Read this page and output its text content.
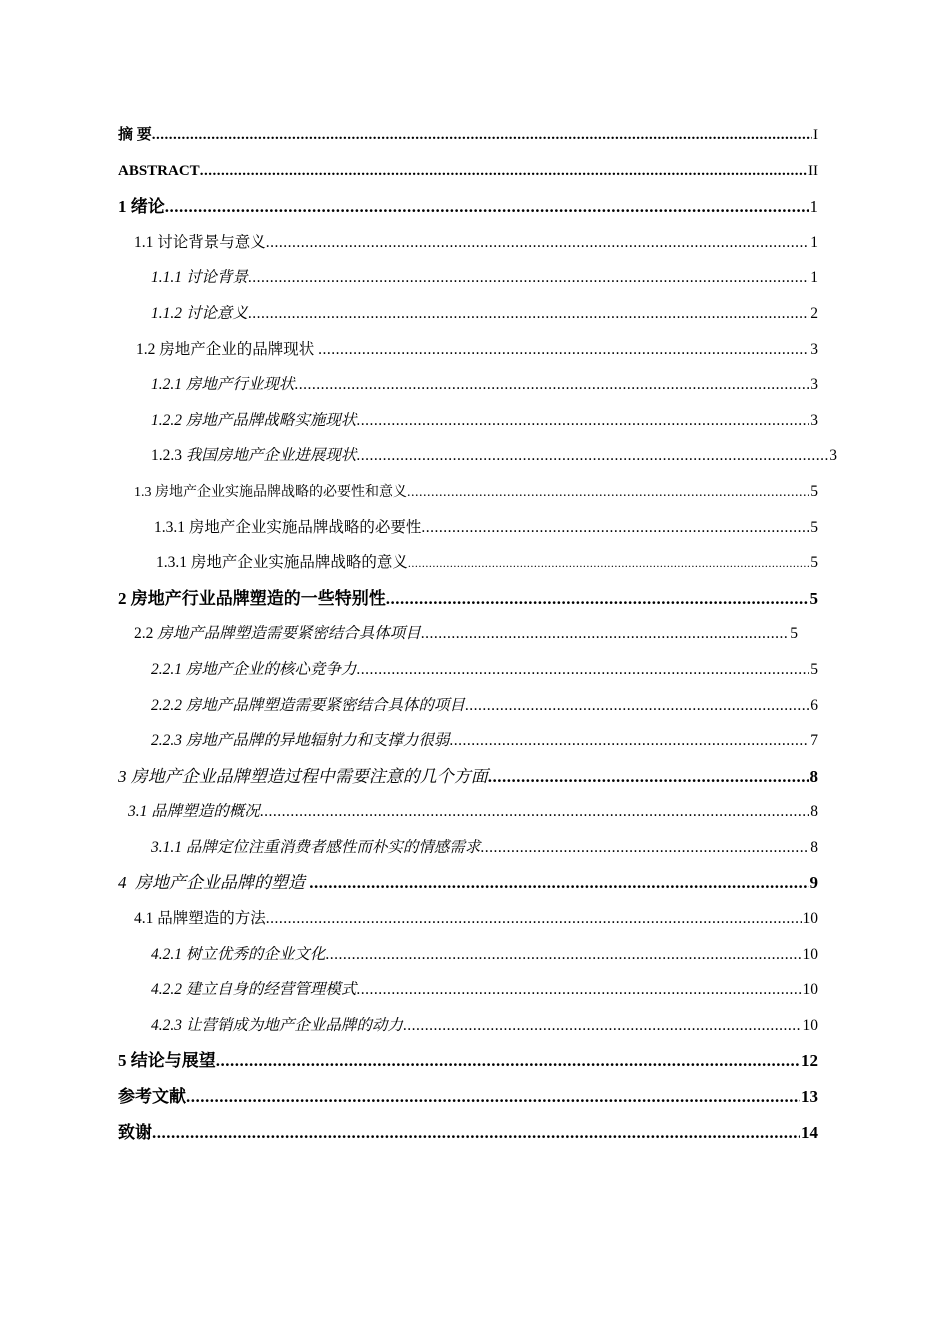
摘 要 .....	I
ABSTRACT .....	II
1 绪论 .....	1
1.1 讨论背景与意义 .....	1
1.1.1 讨论背景 .....	1
1.1.2 讨论意义 .....	2
1.2 房地产企业的品牌现状 .....	3
1.2.1 房地产行业现状 .....	3
1.2.2 房地产品牌战略实施现状 .....	3
1.2.3 我国房地产企业进展现状 .....	3
1.3 房地产企业实施品牌战略的必要性和意义 .....	5
1.3.1 房地产企业实施品牌战略的必要性 .....	5
1.3.1 房地产企业实施品牌战略的意义 .....	5
2 房地产行业品牌塑造的一些特别性 .....	5
2.2 房地产品牌塑造需要紧密结合具体项目 .....	5
2.2.1 房地产企业的核心竞争力 .....	5
2.2.2 房地产品牌塑造需要紧密结合具体的项目 .....	6
2.2.3 房地产品牌的异地辐射力和支撑力很弱 .....	7
3 房地产企业品牌塑造过程中需要注意的几个方面 .....	8
3.1 品牌塑造的概况 .....	8
3.1.1 品牌定位注重消费者感性而朴实的情感需求 .....	8
4  房地产企业品牌的塑造 .....	9
4.1 品牌塑造的方法 .....	10
4.2.1 树立优秀的企业文化 .....	10
4.2.2 建立自身的经营管理模式 .....	10
4.2.3 让营销成为地产企业品牌的动力 .....	10
5 结论与展望 .....	12
参考文献 .....	13
致谢 .....	14
